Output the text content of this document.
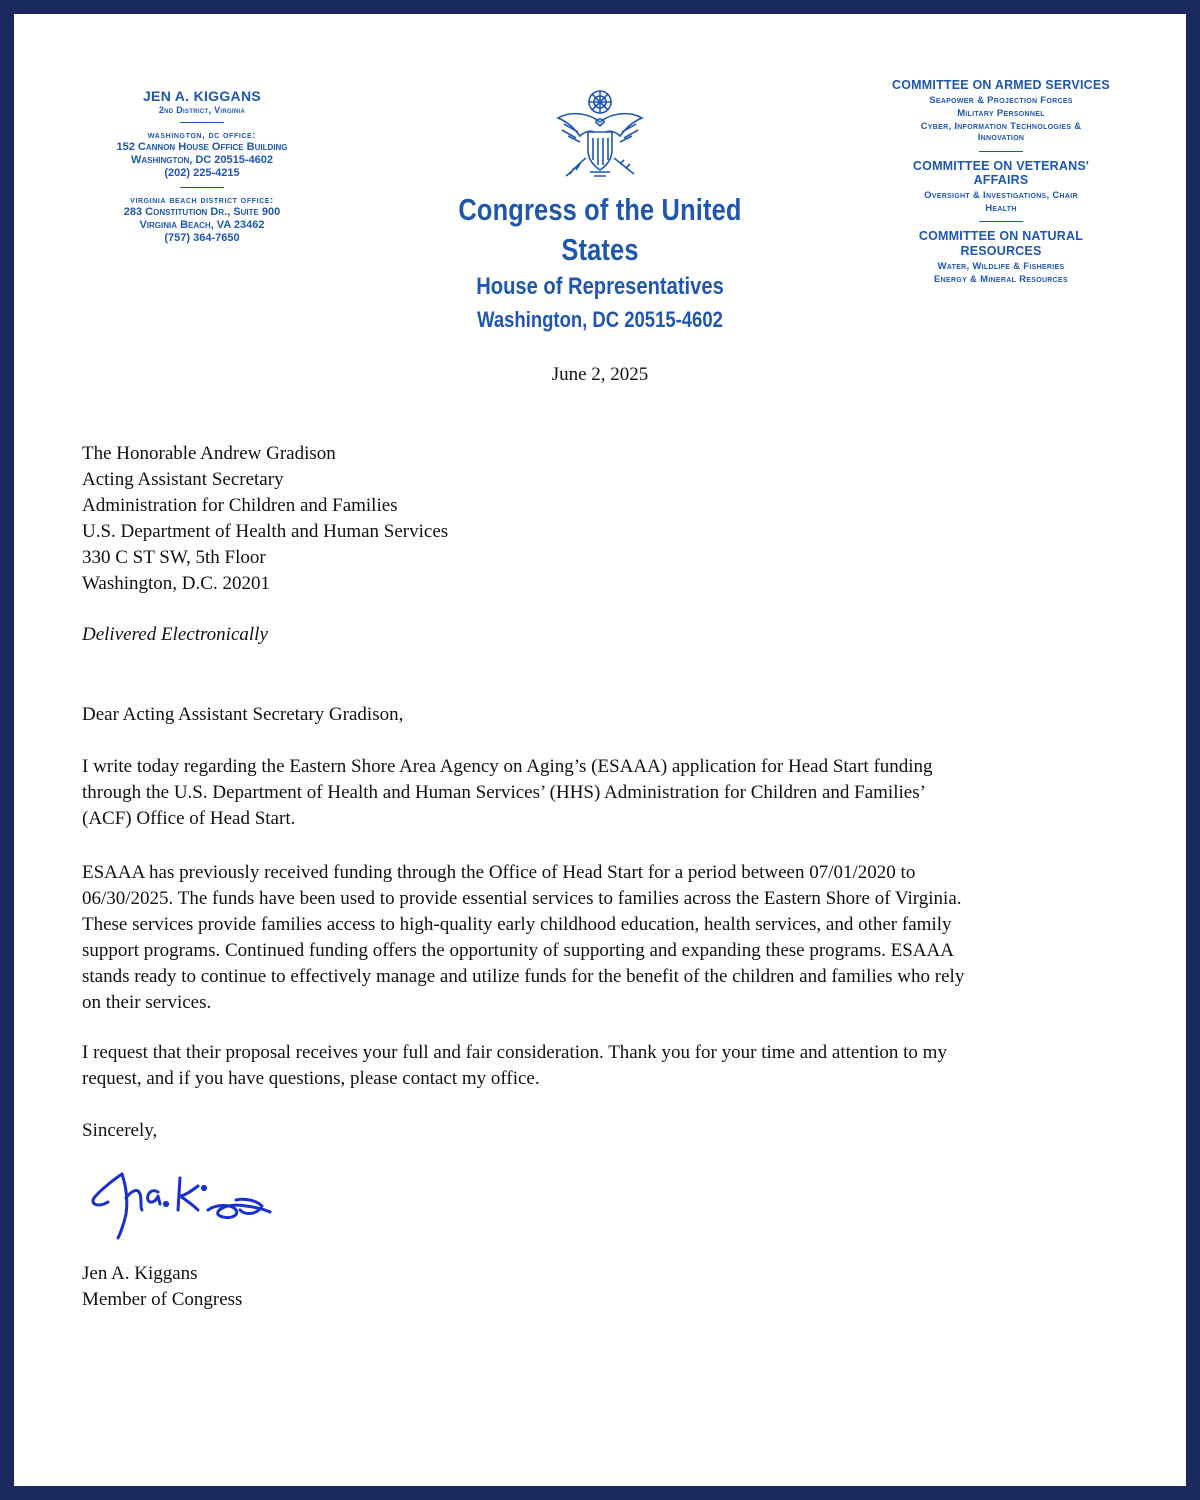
JEN A. KIGGANS
2nd District, Virginia
washington, dc office:
152 Cannon House Office Building
Washington, DC 20515-4602
(202) 225-4215
virginia beach district office:
283 Constitution Dr., Suite 900
Virginia Beach, VA 23462
(757) 364-7650
Congress of the United States
House of Representatives
Washington, DC 20515-4602
COMMITTEE ON ARMED SERVICES
Seapower & Projection Forces
Military Personnel
Cyber, Information Technologies & Innovation
COMMITTEE ON VETERANS' AFFAIRS
Oversight & Investigations, Chair
Health
COMMITTEE ON NATURAL RESOURCES
Water, Wildlife & Fisheries
Energy & Mineral Resources
June 2, 2025
The Honorable Andrew Gradison
Acting Assistant Secretary
Administration for Children and Families
U.S. Department of Health and Human Services
330 C ST SW, 5th Floor
Washington, D.C. 20201
Delivered Electronically
Dear Acting Assistant Secretary Gradison,
I write today regarding the Eastern Shore Area Agency on Aging’s (ESAAA) application for Head Start funding
through the U.S. Department of Health and Human Services’ (HHS) Administration for Children and Families’
(ACF) Office of Head Start.
ESAAA has previously received funding through the Office of Head Start for a period between 07/01/2020 to
06/30/2025. The funds have been used to provide essential services to families across the Eastern Shore of Virginia.
These services provide families access to high-quality early childhood education, health services, and other family
support programs. Continued funding offers the opportunity of supporting and expanding these programs. ESAAA
stands ready to continue to effectively manage and utilize funds for the benefit of the children and families who rely
on their services.
I request that their proposal receives your full and fair consideration. Thank you for your time and attention to my
request, and if you have questions, please contact my office.
Sincerely,
Jen A. Kiggans
Member of Congress
